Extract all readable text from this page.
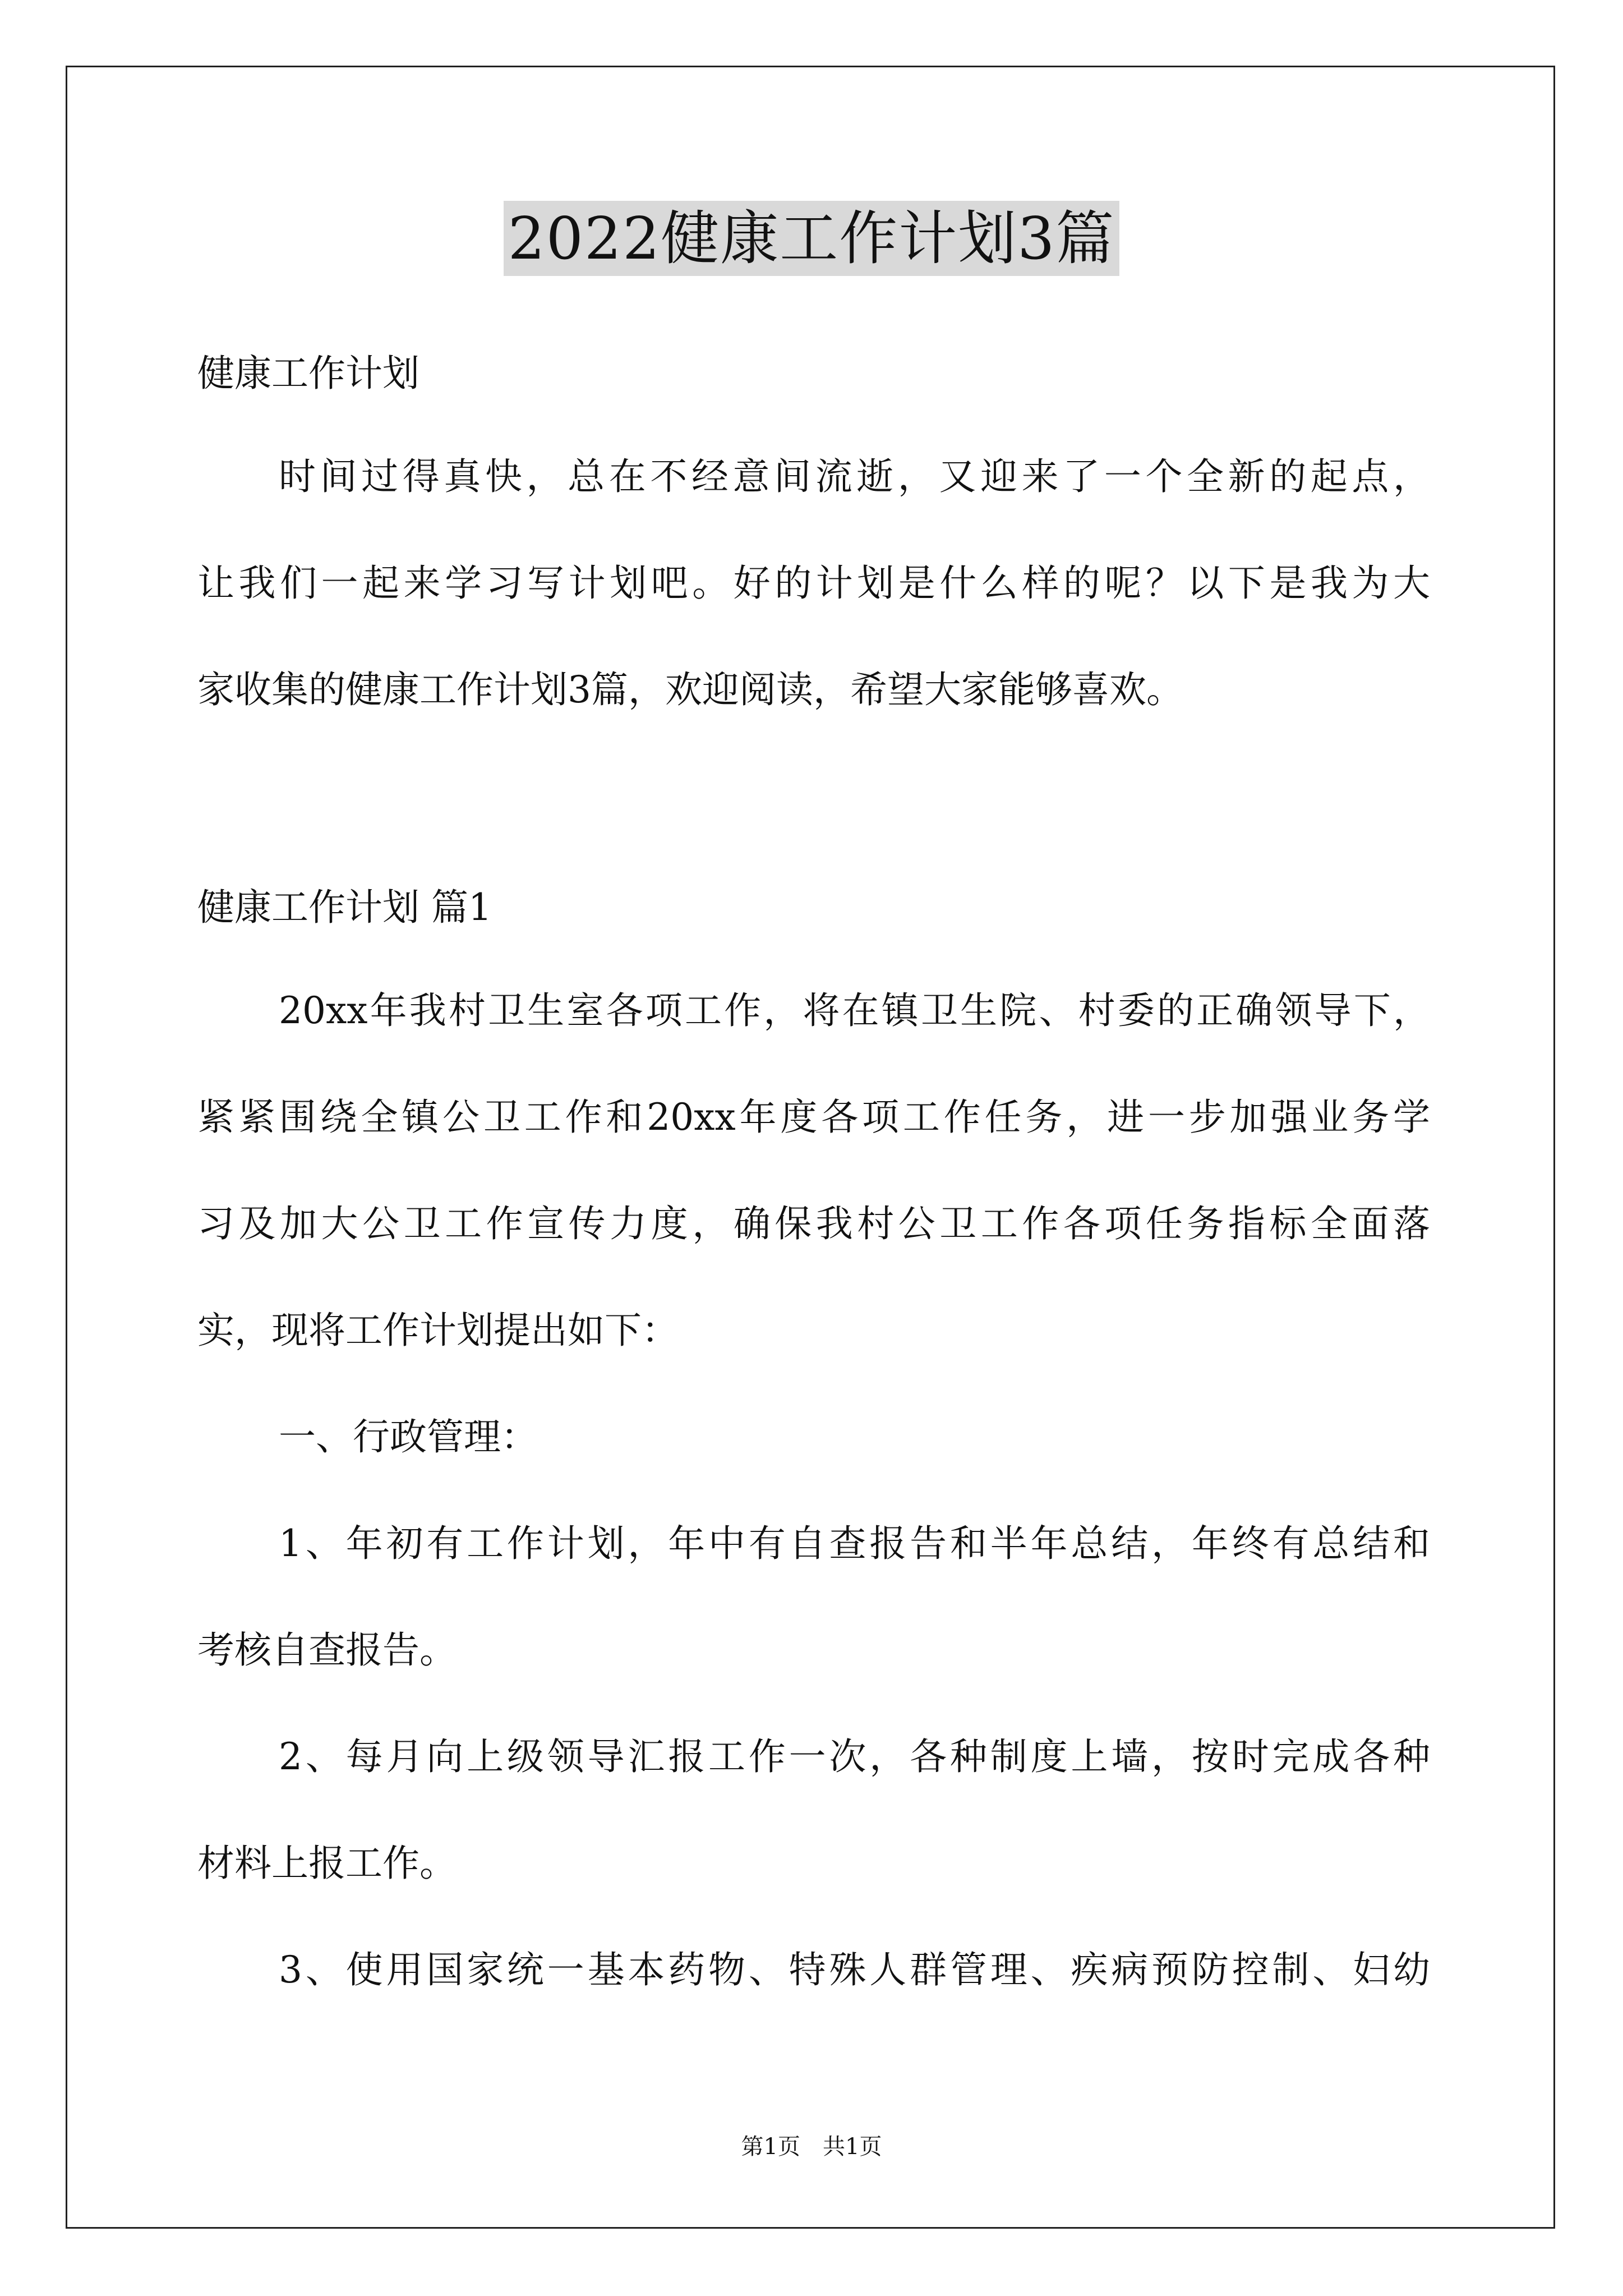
2022健康工作计划3篇
健康工作计划
时间过得真快，总在不经意间流逝，又迎来了一个全新的起点，
让我们一起来学习写计划吧。好的计划是什么样的呢？以下是我为大
家收集的健康工作计划3篇，欢迎阅读，希望大家能够喜欢。
健康工作计划 篇1
20xx年我村卫生室各项工作，将在镇卫生院、村委的正确领导下，
紧紧围绕全镇公卫工作和20xx年度各项工作任务，进一步加强业务学
习及加大公卫工作宣传力度，确保我村公卫工作各项任务指标全面落
实，现将工作计划提出如下：
一、行政管理：
1、年初有工作计划，年中有自查报告和半年总结，年终有总结和
考核自查报告。
2、每月向上级领导汇报工作一次，各种制度上墙，按时完成各种
材料上报工作。
3、使用国家统一基本药物、特殊人群管理、疾病预防控制、妇幼
第1页　共1页
